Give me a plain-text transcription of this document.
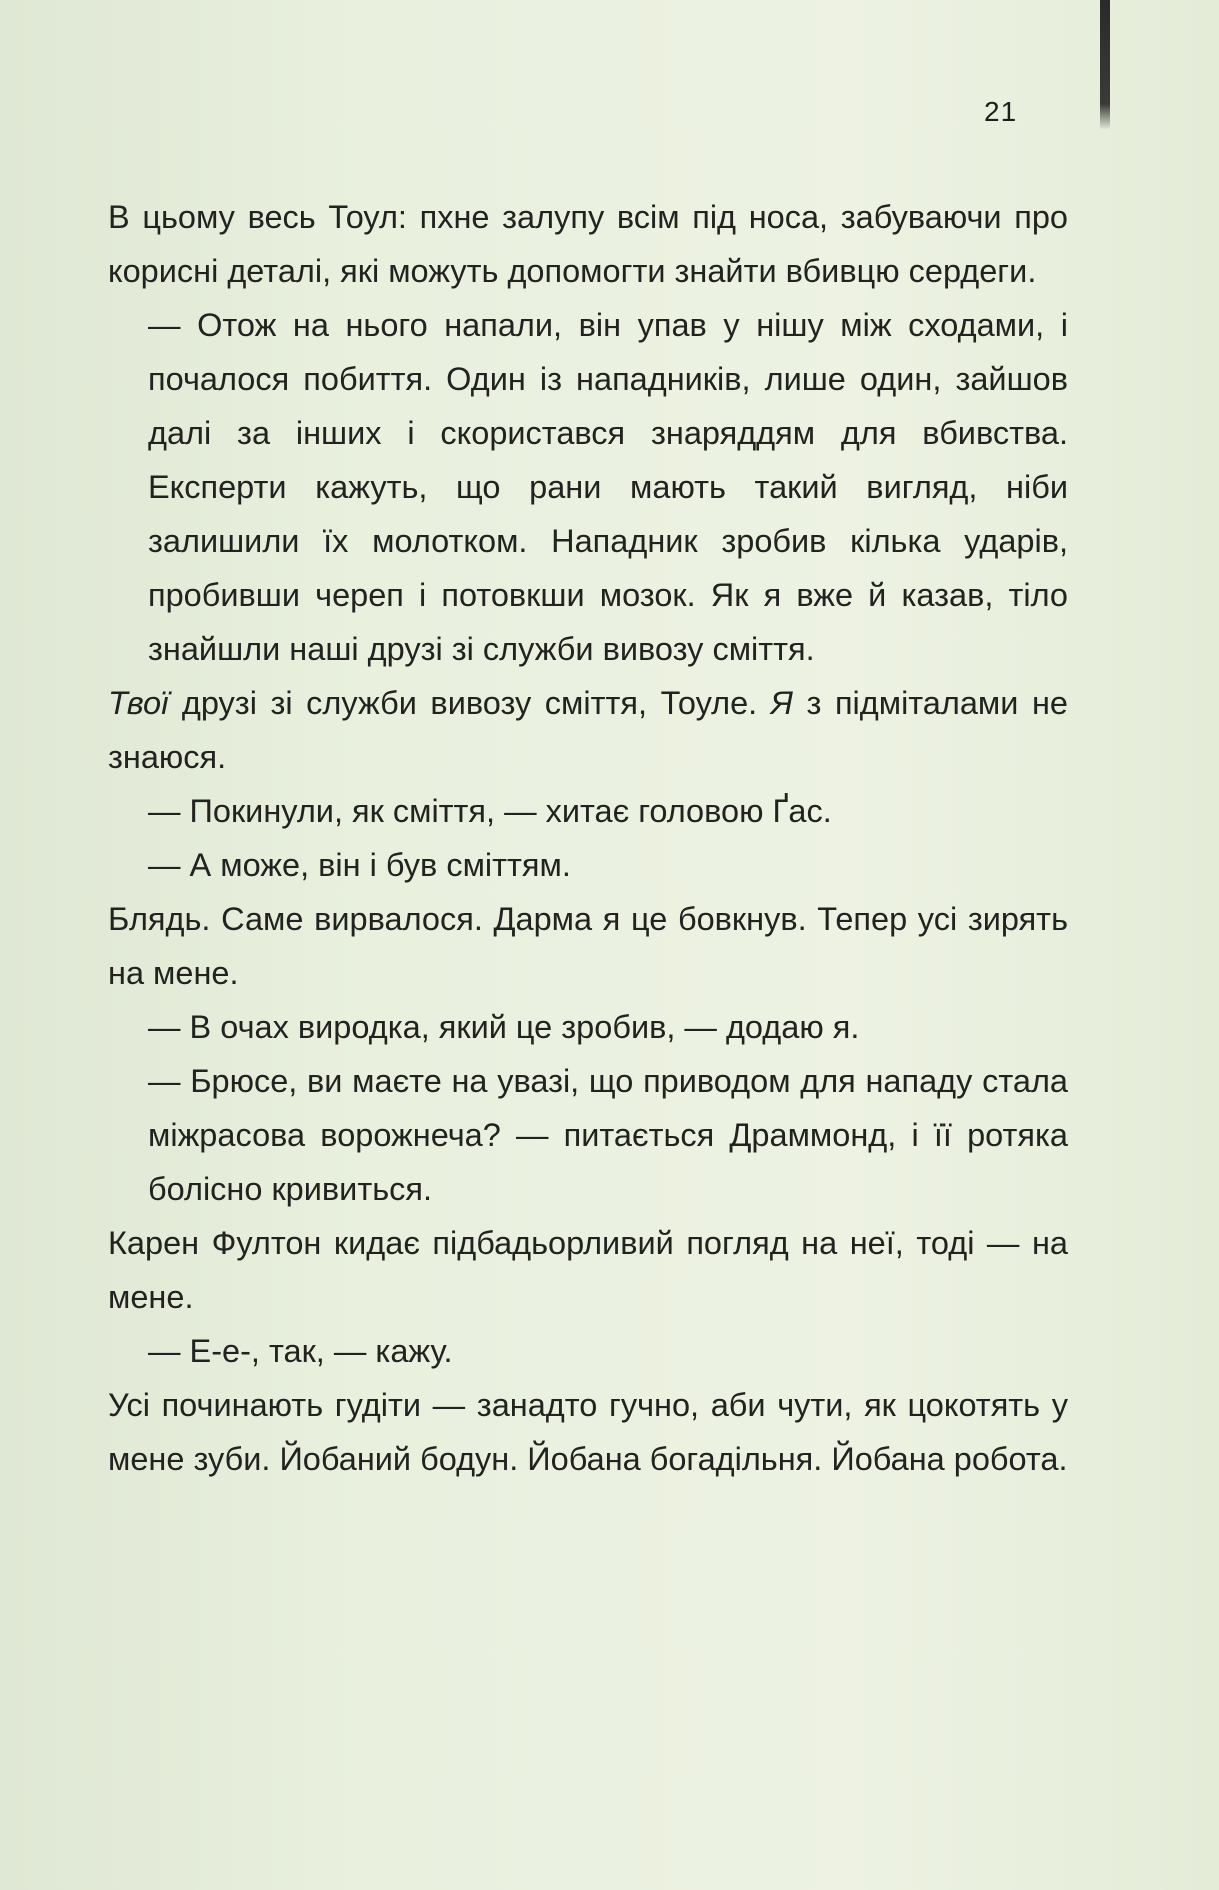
21

В цьому весь Тоул: пхне залупу всім під носа, забуваючи про корисні деталі, які можуть допомогти знайти вбивцю сердеги.

— Отож на нього напали, він упав у нішу між сходами, і почалося побиття. Один із нападників, лише один, зайшов далі за інших і скористався знаряддям для вбивства. Експерти кажуть, що рани мають такий вигляд, ніби залишили їх молотком. Нападник зробив кілька ударів, пробивши череп і потовкши мозок. Як я вже й казав, тіло знайшли наші друзі зі служби вивозу сміття.

Твої друзі зі служби вивозу сміття, Тоуле. Я з підміталами не знаюся.

— Покинули, як сміття, — хитає головою Ґас.

— А може, він і був сміттям.

Блядь. Саме вирвалося. Дарма я це бовкнув. Тепер усі зирять на мене.

— В очах виродка, який це зробив, — додаю я.

— Брюсе, ви маєте на увазі, що приводом для нападу стала міжрасова ворожнеча? — питається Драммонд, і її ротяка болісно кривиться.

Карен Фултон кидає підбадьорливий погляд на неї, тоді — на мене.

— Е-е-, так, — кажу.

Усі починають гудіти — занадто гучно, аби чути, як цокотять у мене зуби. Йобаний бодун. Йобана богадільня. Йобана робота.
